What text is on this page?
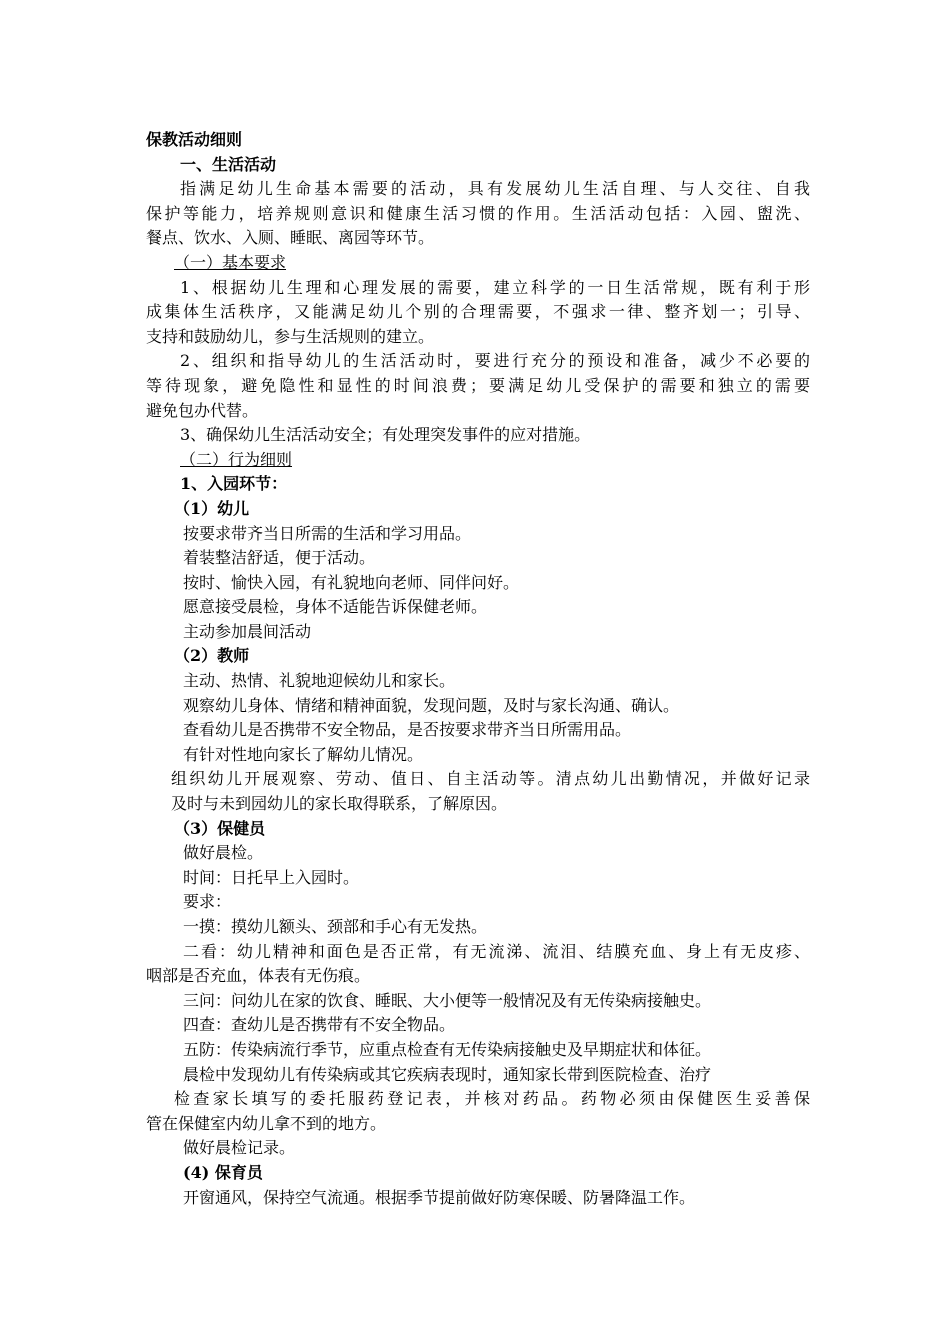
保教活动细则
一、生活活动
指满足幼儿生命基本需要的活动，具有发展幼儿生活自理、与人交往、自我
保护等能力，培养规则意识和健康生活习惯的作用。生活活动包括：入园、盥洗、
餐点、饮水、入厕、睡眠、离园等环节。
（一）基本要求
1、根据幼儿生理和心理发展的需要，建立科学的一日生活常规，既有利于形
成集体生活秩序，又能满足幼儿个别的合理需要，不强求一律、整齐划一；引导、
支持和鼓励幼儿，参与生活规则的建立。
2、组织和指导幼儿的生活活动时，要进行充分的预设和准备，减少不必要的
等待现象，避免隐性和显性的时间浪费；要满足幼儿受保护的需要和独立的需要
避免包办代替。
3、确保幼儿生活活动安全；有处理突发事件的应对措施。
（二）行为细则
1、入园环节：
（1）幼儿
按要求带齐当日所需的生活和学习用品。
着装整洁舒适，便于活动。
按时、愉快入园，有礼貌地向老师、同伴问好。
愿意接受晨检，身体不适能告诉保健老师。
主动参加晨间活动
（2）教师
主动、热情、礼貌地迎候幼儿和家长。
观察幼儿身体、情绪和精神面貌，发现问题，及时与家长沟通、确认。
查看幼儿是否携带不安全物品，是否按要求带齐当日所需用品。
有针对性地向家长了解幼儿情况。
组织幼儿开展观察、劳动、值日、自主活动等。清点幼儿出勤情况，并做好记录
及时与未到园幼儿的家长取得联系，了解原因。
（3）保健员
做好晨检。
时间：日托早上入园时。
要求：
一摸：摸幼儿额头、颈部和手心有无发热。
二看：幼儿精神和面色是否正常，有无流涕、流泪、结膜充血、身上有无皮疹、
咽部是否充血，体表有无伤痕。
三问：问幼儿在家的饮食、睡眠、大小便等一般情况及有无传染病接触史。
四查：查幼儿是否携带有不安全物品。
五防：传染病流行季节，应重点检查有无传染病接触史及早期症状和体征。
晨检中发现幼儿有传染病或其它疾病表现时，通知家长带到医院检查、治疗
检查家长填写的委托服药登记表，并核对药品。药物必须由保健医生妥善保
管在保健室内幼儿拿不到的地方。
做好晨检记录。
(4) 保育员
开窗通风，保持空气流通。根据季节提前做好防寒保暖、防暑降温工作。
